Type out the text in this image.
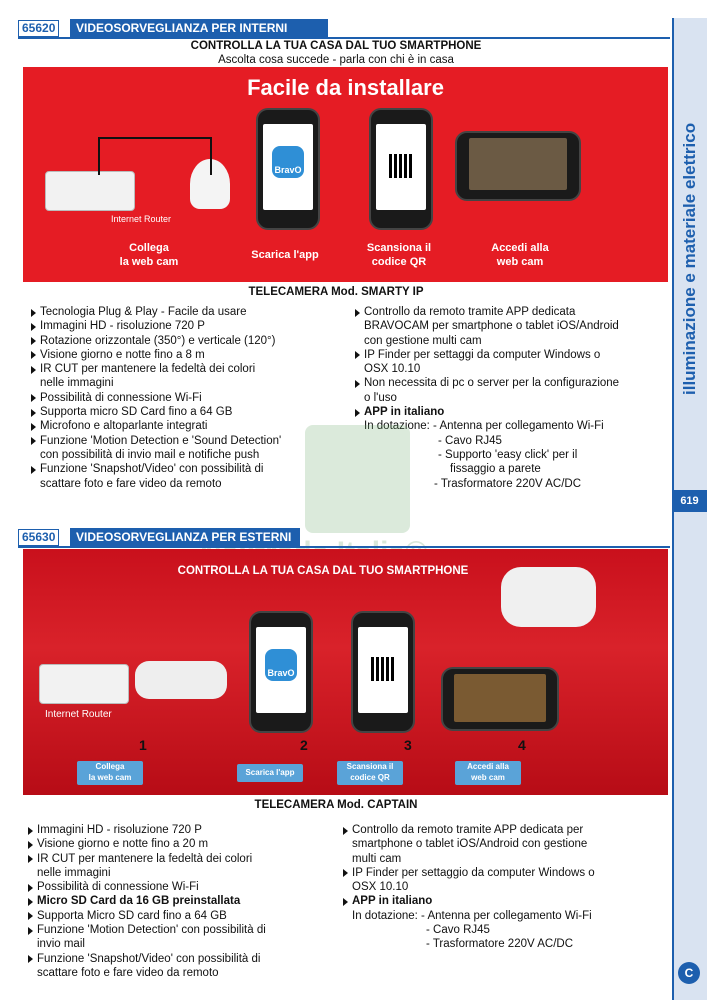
illuminazione e materiale elettrico
619
65620	VIDEOSORVEGLIANZA PER INTERNI
CONTROLLA LA TUA CASA DAL TUO SMARTPHONE
Ascolta cosa succede - parla con chi è in casa
Facile da installare
Internet Router
BravO
Collega
la web cam
Scarica l'app
Scansiona il
codice QR
Accedi alla
web cam
TELECAMERA Mod. SMARTY IP
Tecnologia Plug & Play - Facile da usare
Immagini HD - risoluzione 720 P
Rotazione orizzontale (350°) e verticale (120°)
Visione giorno e notte fino a 8 m
IR CUT per mantenere la fedeltà dei colori
nelle immagini
Possibilità di connessione Wi-Fi
Supporta micro SD Card fino a 64 GB
Microfono e altoparlante integrati
Funzione 'Motion Detection e 'Sound Detection'
con possibilità di invio mail e notifiche push
Funzione 'Snapshot/Video' con possibilità di
scattare foto e fare video da remoto
Controllo da remoto tramite APP dedicata
BRAVOCAM per smartphone o tablet iOS/Android
con gestione multi cam
IP Finder per settaggi da computer Windows o
OSX 10.10
Non necessita di pc o server per la configurazione
o l'uso
APP in italiano
In dotazione: - Antenna per collegamento Wi-Fi
- Cavo RJ45
- Supporto 'easy click' per il
fissaggio a parete
- Trasformatore 220V AC/DC
65630	VIDEOSORVEGLIANZA PER ESTERNI
CONTROLLA LA TUA CASA DAL TUO SMARTPHONE
Internet Router
BravO
1	2	3	4
Collega
la web cam
Scarica l'app
Scansiona il
codice QR
Accedi alla
web cam
TELECAMERA Mod. CAPTAIN
Immagini HD - risoluzione 720 P
Visione giorno e notte fino a 20 m
IR CUT per mantenere la fedeltà dei colori
nelle immagini
Possibilità di connessione Wi-Fi
Micro SD Card da 16 GB preinstallata
Supporta Micro SD card fino a 64 GB
Funzione 'Motion Detection' con possibilità di
invio mail
Funzione 'Snapshot/Video' con possibilità di
scattare foto e fare video da remoto
Controllo da remoto tramite APP dedicata per
smartphone o tablet iOS/Android con gestione
multi cam
IP Finder per settaggio da computer Windows o
OSX 10.10
APP in italiano
In dotazione: - Antenna per collegamento Wi-Fi
- Cavo RJ45
- Trasformatore 220V AC/DC
C
